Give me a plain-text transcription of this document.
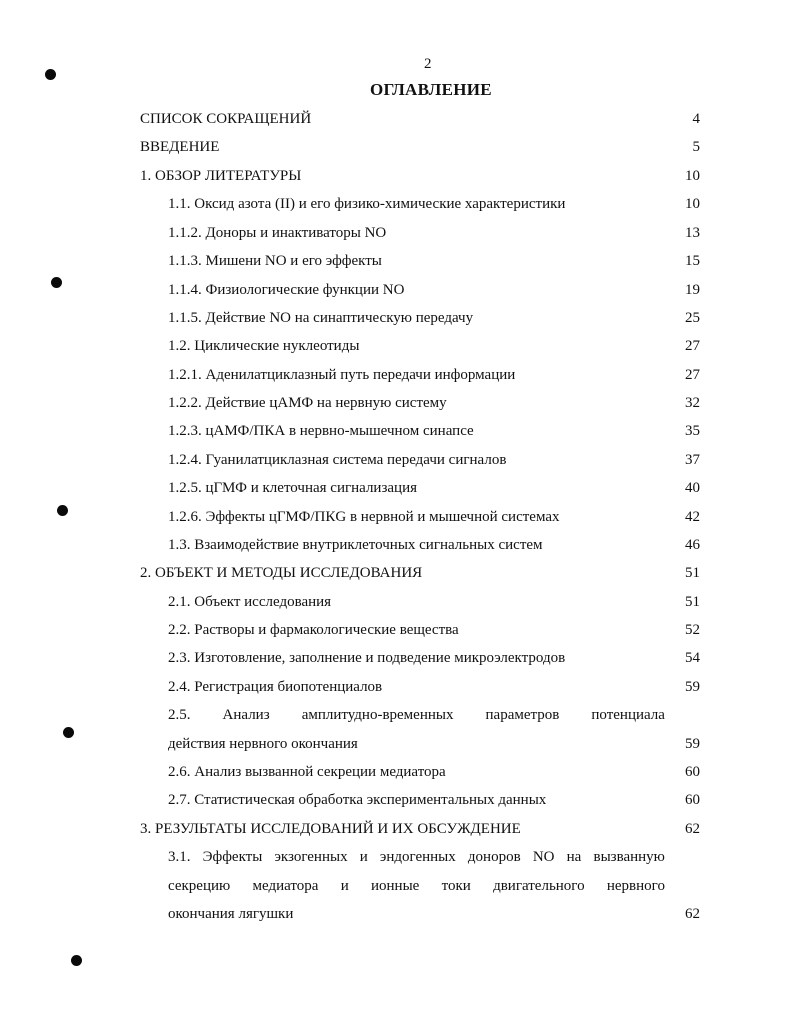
2
ОГЛАВЛЕНИЕ
СПИСОК СОКРАЩЕНИЙ	4
ВВЕДЕНИЕ	5
1. ОБЗОР ЛИТЕРАТУРЫ	10
1.1. Оксид азота (II) и его физико-химические характеристики	10
1.1.2. Доноры и инактиваторы NO	13
1.1.3. Мишени NO и его эффекты	15
1.1.4. Физиологические функции NO	19
1.1.5. Действие NO на синаптическую передачу	25
1.2. Циклические нуклеотиды	27
1.2.1. Аденилатциклазный путь передачи информации	27
1.2.2. Действие цАМФ на нервную систему	32
1.2.3. цАМФ/ПКА в нервно-мышечном синапсе	35
1.2.4. Гуанилатциклазная система передачи сигналов	37
1.2.5. цГМФ и клеточная сигнализация	40
1.2.6. Эффекты цГМФ/ПКG в нервной и мышечной системах	42
1.3. Взаимодействие внутриклеточных сигнальных систем	46
2. ОБЪЕКТ И МЕТОДЫ ИССЛЕДОВАНИЯ	51
2.1. Объект исследования	51
2.2. Растворы и фармакологические вещества	52
2.3. Изготовление, заполнение и подведение микроэлектродов	54
2.4. Регистрация биопотенциалов	59
2.5. Анализ амплитудно-временных параметров потенциала
действия нервного окончания	59
2.6. Анализ вызванной секреции медиатора	60
2.7. Статистическая обработка экспериментальных данных	60
3. РЕЗУЛЬТАТЫ ИССЛЕДОВАНИЙ И ИХ ОБСУЖДЕНИЕ	62
3.1. Эффекты экзогенных и эндогенных доноров NO на вызванную
секрецию медиатора и ионные токи двигательного нервного
окончания лягушки	62
